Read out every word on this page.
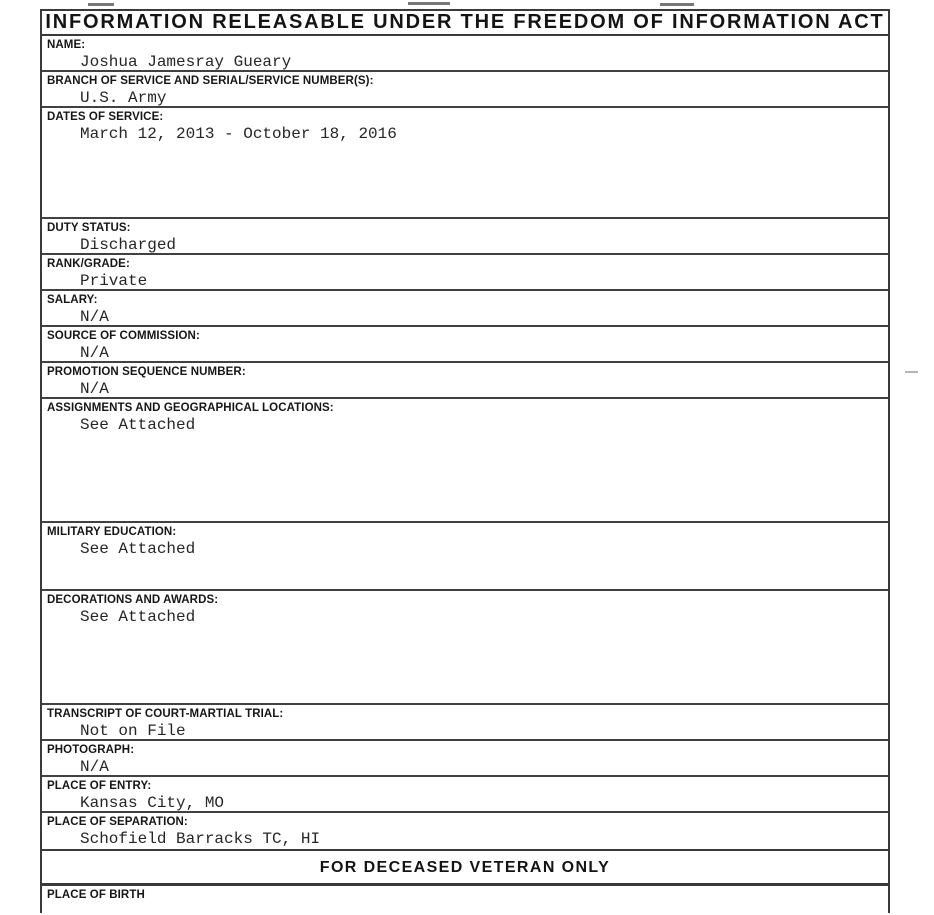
INFORMATION RELEASABLE UNDER THE FREEDOM OF INFORMATION ACT
NAME:
Joshua Jamesray Gueary
BRANCH OF SERVICE AND SERIAL/SERVICE NUMBER(S):
U.S. Army
DATES OF SERVICE:
March 12, 2013 - October 18, 2016
DUTY STATUS:
Discharged
RANK/GRADE:
Private
SALARY:
N/A
SOURCE OF COMMISSION:
N/A
PROMOTION SEQUENCE NUMBER:
N/A
ASSIGNMENTS AND GEOGRAPHICAL LOCATIONS:
See Attached
MILITARY EDUCATION:
See Attached
DECORATIONS AND AWARDS:
See Attached
TRANSCRIPT OF COURT-MARTIAL TRIAL:
Not on File
PHOTOGRAPH:
N/A
PLACE OF ENTRY:
Kansas City, MO
PLACE OF SEPARATION:
Schofield Barracks TC, HI
FOR DECEASED VETERAN ONLY
PLACE OF BIRTH
